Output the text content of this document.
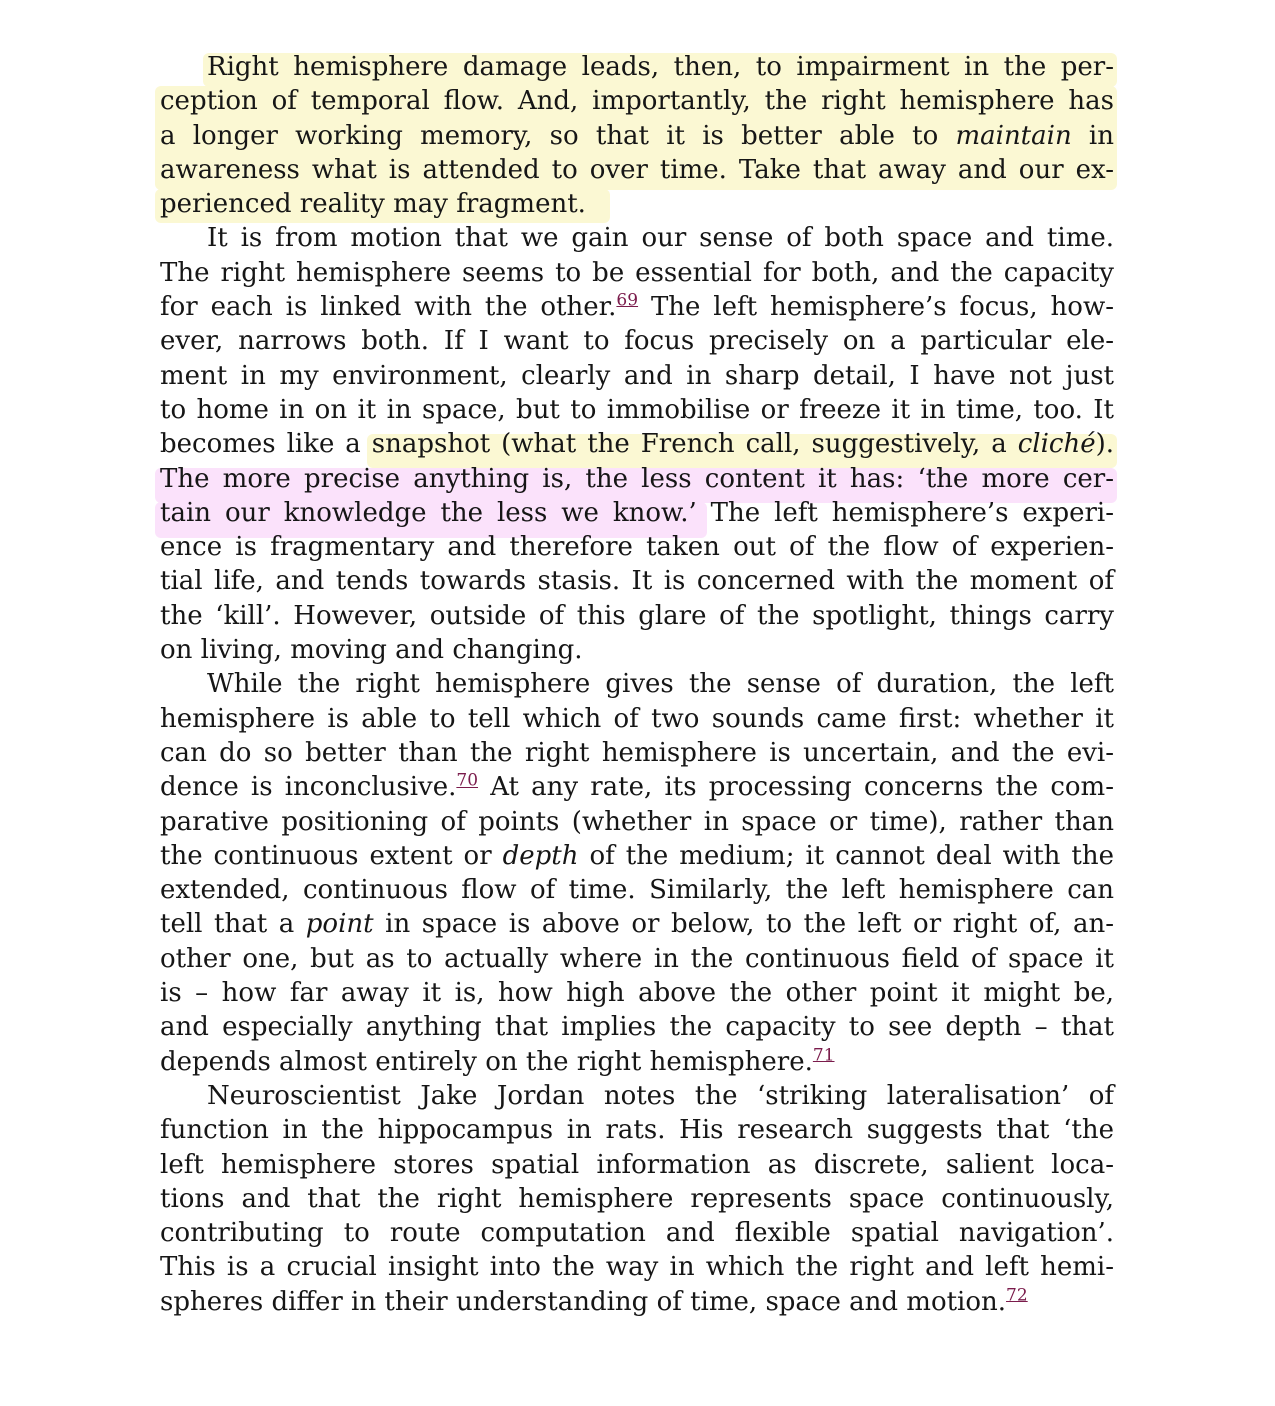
Right hemisphere damage leads, then, to impairment in the per-
ception of temporal flow. And, importantly, the right hemisphere has
a longer working memory, so that it is better able to maintain in
awareness what is attended to over time. Take that away and our ex-
perienced reality may fragment.
It is from motion that we gain our sense of both space and time.
The right hemisphere seems to be essential for both, and the capacity
for each is linked with the other.$^{69}$ The left hemisphere’s focus, how-
ever, narrows both. If I want to focus precisely on a particular ele-
ment in my environment, clearly and in sharp detail, I have not just
to home in on it in space, but to immobilise or freeze it in time, too. It
becomes like a snapshot (what the French call, suggestively, a cliché).
The more precise anything is, the less content it has: ‘the more cer-
tain our knowledge the less we know.’ The left hemisphere’s experi-
ence is fragmentary and therefore taken out of the flow of experien-
tial life, and tends towards stasis. It is concerned with the moment of
the ‘kill’. However, outside of this glare of the spotlight, things carry
on living, moving and changing.
While the right hemisphere gives the sense of duration, the left
hemisphere is able to tell which of two sounds came first: whether it
can do so better than the right hemisphere is uncertain, and the evi-
dence is inconclusive.$^{70}$ At any rate, its processing concerns the com-
parative positioning of points (whether in space or time), rather than
the continuous extent or depth of the medium; it cannot deal with the
extended, continuous flow of time. Similarly, the left hemisphere can
tell that a point in space is above or below, to the left or right of, an-
other one, but as to actually where in the continuous field of space it
is – how far away it is, how high above the other point it might be,
and especially anything that implies the capacity to see depth – that
depends almost entirely on the right hemisphere.$^{71}$
Neuroscientist Jake Jordan notes the ‘striking lateralisation’ of
function in the hippocampus in rats. His research suggests that ‘the
left hemisphere stores spatial information as discrete, salient loca-
tions and that the right hemisphere represents space continuously,
contributing to route computation and flexible spatial navigation’.
This is a crucial insight into the way in which the right and left hemi-
spheres differ in their understanding of time, space and motion.$^{72}$
